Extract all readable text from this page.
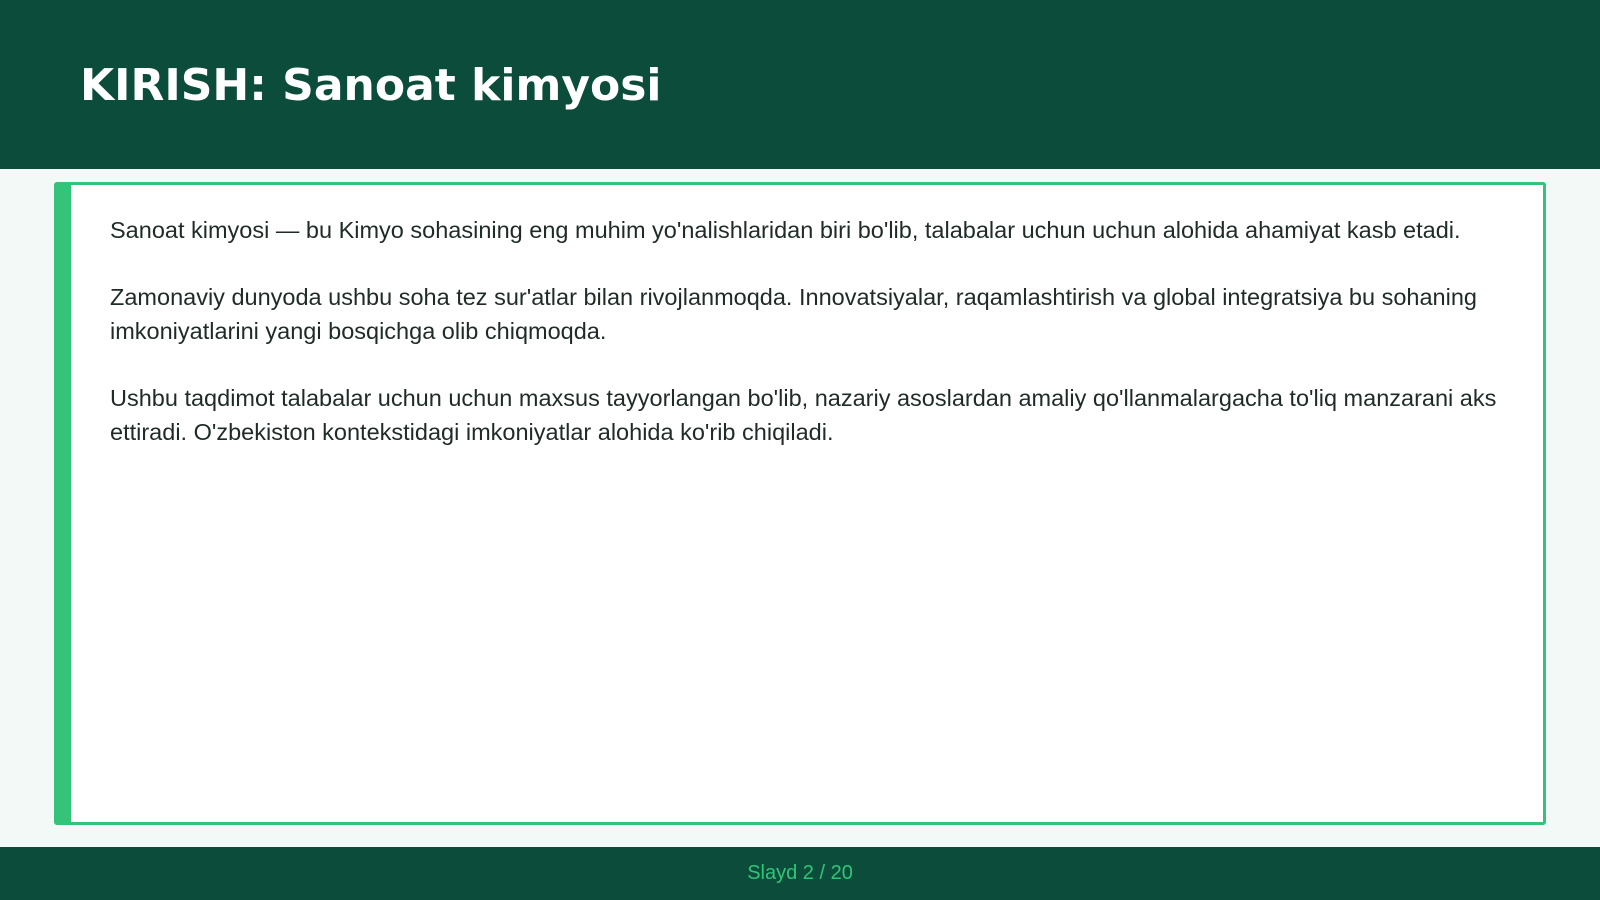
KIRISH: Sanoat kimyosi

Sanoat kimyosi — bu Kimyo sohasining eng muhim yo'nalishlaridan biri bo'lib, talabalar uchun uchun alohida ahamiyat kasb etadi.

Zamonaviy dunyoda ushbu soha tez sur'atlar bilan rivojlanmoqda. Innovatsiyalar, raqamlashtirish va global integratsiya bu sohaning imkoniyatlarini yangi bosqichga olib chiqmoqda.

Ushbu taqdimot talabalar uchun uchun maxsus tayyorlangan bo'lib, nazariy asoslardan amaliy qo'llanmalargacha to'liq manzarani aks ettiradi. O'zbekiston kontekstidagi imkoniyatlar alohida ko'rib chiqiladi.

Slayd 2 / 20
